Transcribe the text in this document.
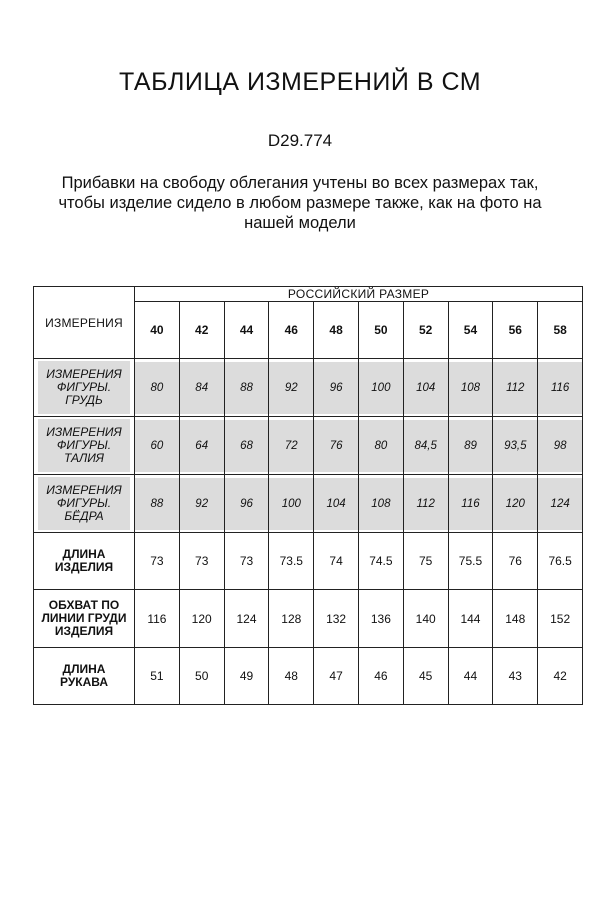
ТАБЛИЦА ИЗМЕРЕНИЙ В СМ
D29.774
Прибавки на свободу облегания учтены во всех размерах так,
чтобы изделие сидело в любом размере также, как на фото на
нашей модели
ИЗМЕРЕНИЯ	РОССИЙСКИЙ РАЗМЕР									
	40	42	44	46	48	50	52	54	56	58

ИЗМЕРЕНИЯ ФИГУРЫ. ГРУДЬ	80	84	88	92	96	100	104	108	112	116

ИЗМЕРЕНИЯ ФИГУРЫ. ТАЛИЯ	60	64	68	72	76	80	84,5	89	93,5	98

ИЗМЕРЕНИЯ ФИГУРЫ. БЁДРА	88	92	96	100	104	108	112	116	120	124

ДЛИНА ИЗДЕЛИЯ	73	73	73	73.5	74	74.5	75	75.5	76	76.5
ОБХВАТ ПО ЛИНИИ ГРУДИ ИЗДЕЛИЯ	116	120	124	128	132	136	140	144	148	152
ДЛИНА РУКАВА	51	50	49	48	47	46	45	44	43	42
